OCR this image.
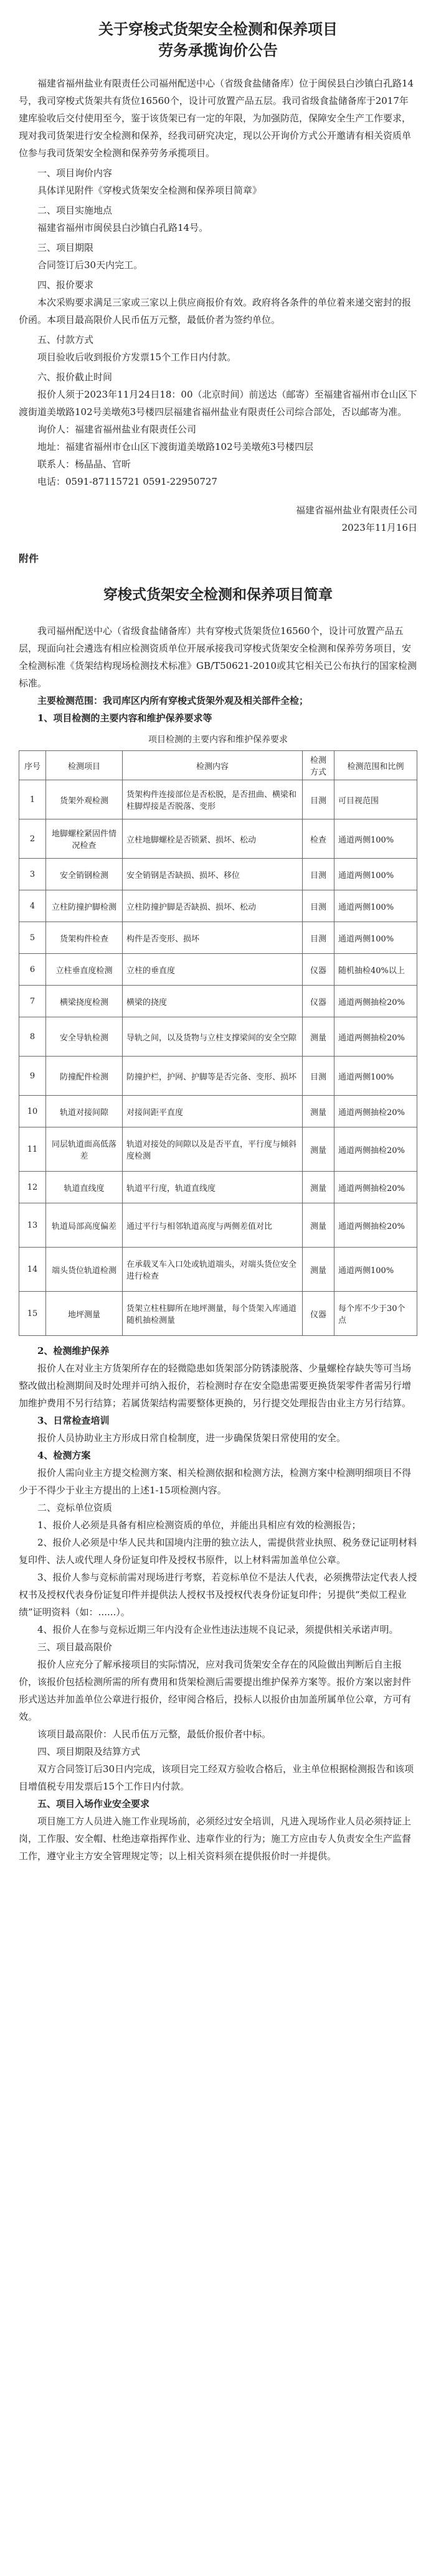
关于穿梭式货架安全检测和保养项目
劳务承揽询价公告

福建省福州盐业有限责任公司福州配送中心（省级食盐储备库）位于闽侯县白沙镇白孔路14号，我司穿梭式货架共有货位16560个，设计可放置产品五层。我司省级食盐储备库于2017年建库验收后交付使用至今，鉴于该货架已有一定的年限，为加强防范，保障安全生产工作要求，现对我司货架进行安全检测和保养，经我司研究决定，现以公开询价方式公开邀请有相关资质单位参与我司货架安全检测和保养劳务承揽项目。

一、项目询价内容

具体详见附件《穿梭式货架安全检测和保养项目简章》

二、项目实施地点

福建省福州市闽侯县白沙镇白孔路14号。

三、项目期限

合同签订后30天内完工。

四、报价要求

本次采购要求满足三家或三家以上供应商报价有效。政府将各条件的单位着来递交密封的报价函。本项目最高限价人民币伍万元整，最低价者为签约单位。

五、付款方式

项目验收后收到报价方发票15个工作日内付款。

六、报价截止时间

报价人须于2023年11月24日18：00（北京时间）前送达（邮寄）至福建省福州市仓山区下渡街道美墩路102号美墩苑3号楼四层福建省福州盐业有限责任公司综合部处，否以邮寄为准。

询价人：福建省福州盐业有限责任公司

地址：福建省福州市仓山区下渡街道美墩路102号美墩苑3号楼四层

联系人：杨晶晶、官昕

电话：0591-87115721 0591-22950727

福建省福州盐业有限责任公司

2023年11月16日

附件

穿梭式货架安全检测和保养项目简章

我司福州配送中心（省级食盐储备库）共有穿梭式货架货位16560个，设计可放置产品五层，现面向社会遴选有相应检测资质单位开展承接我司穿梭式货架安全检测和保养劳务项目，安全检测标准《货架结构现场检测技术标准》GB/T50621-2010或其它相关已公布执行的国家检测标准。

主要检测范围：我司库区内所有穿梭式货架外观及相关部件全检；

1、项目检测的主要内容和维护保养要求等

项目检测的主要内容和维护保养要求
序号	检测项目	检测内容	检测方式	检测范围和比例
1	货架外观检测	货架构件连接部位是否松脱，是否扭曲、横梁和柱脚焊接是否脱落、变形	目测	可目视范围
2	地脚螺栓紧固件情况检查	立柱地脚螺栓是否锁紧、损坏、松动	检查	通道两侧100%
3	安全销钢检测	安全销钢是否缺损、损坏、移位	目测	通道两侧100%
4	立柱防撞护脚检测	立柱防撞护脚是否缺损、损坏、松动	目测	通道两侧100%
5	货架构件检查	构件是否变形、损坏	目测	通道两侧100%
6	立柱垂直度检测	立柱的垂直度	仪器	随机抽检40%以上
7	横梁挠度检测	横梁的挠度	仪器	通道两侧抽检20%
8	安全导轨检测	导轨之间，以及货物与立柱支撑梁间的安全空隙	测量	通道两侧抽检20%
9	防撞配件检测	防撞护栏，护网、护脚等是否完备、变形、损坏	目测	通道两侧100%
10	轨道对接间隙	对接间距平直度	测量	通道两侧抽检20%
11	同层轨道面高低落差	轨道对接处的间隙以及是否平直，平行度与倾斜度检测	测量	通道两侧抽检20%
12	轨道直线度	轨道平行度，轨道直线度	测量	通道两侧抽检20%
13	轨道局部高度偏差	通过平行与相邻轨道高度与两侧差值对比	测量	通道两侧抽检20%
14	端头货位轨道检测	在承载叉车入口处或轨道端头，对端头货位安全进行检查	测量	通道两侧100%
15	地坪测量	货架立柱柱脚所在地坪测量，每个货架入库通道随机抽检测量	仪器	每个库不少于30个点

2、检测维护保养

报价人在对业主方货架所存在的轻微隐患如货架部分防锈漆脱落、少量螺栓存缺失等可当场整改做出检测期间及时处理并可纳入报价，若检测时存在安全隐患需要更换货架零件者需另行增加维护费用不另行结算；若属货架结构需要整体更换的，另行提交处理报告由业主方另行结算。

3、日常检查培训

报价人员协助业主方形成日常自检制度，进一步确保货架日常使用的安全。

4、检测方案

报价人需向业主方提交检测方案、相关检测依据和检测方法，检测方案中检测明细项目不得少于不得少于业主方提出的上述1-15项检测内容。

二、竞标单位资质

1、报价人必须是具备有相应检测资质的单位，并能出具相应有效的检测报告；

2、报价人必须是中华人民共和国境内注册的独立法人，需提供营业执照、税务登记证明材料复印件、法人或代理人身份证复印件及授权书原件，以上材料需加盖单位公章。

3、报价人参与竞标前需对现场进行考察，若竞标单位不是法人代表，必须携带法定代表人授权书及授权代表身份证复印件并提供法人授权书及授权代表身份证复印件；另提供“类似工程业绩”证明资料（如：......）。

4、报价人在参与竞标近期三年内没有企业性违法违规不良记录，须提供相关承诺声明。

三、项目最高限价

报价人应充分了解承接项目的实际情况，应对我司货架安全存在的风险做出判断后自主报价，该报价包括检测所需的所有费用和货架检测后需要提出维护保养方案等。报价方案以密封件形式送达并加盖单位公章进行报价，经审阅合格后，投标人以报价由加盖所属单位公章，方可有效。

该项目最高限价：人民币伍万元整，最低价报价者中标。

四、项目期限及结算方式

双方合同签订后30日内完成，该项目完工经双方验收合格后，业主单位根据检测报告和该项目增值税专用发票后15个工作日内付款。

五、项目入场作业安全要求

项目施工方人员进入施工作业现场前，必须经过安全培训，凡进入现场作业人员必须持证上岗，工作服、安全帽、杜绝违章指挥作业、违章作业的行为；施工方应由专人负责安全生产监督工作，遵守业主方安全管理规定等；以上相关资料须在提供报价时一并提供。
